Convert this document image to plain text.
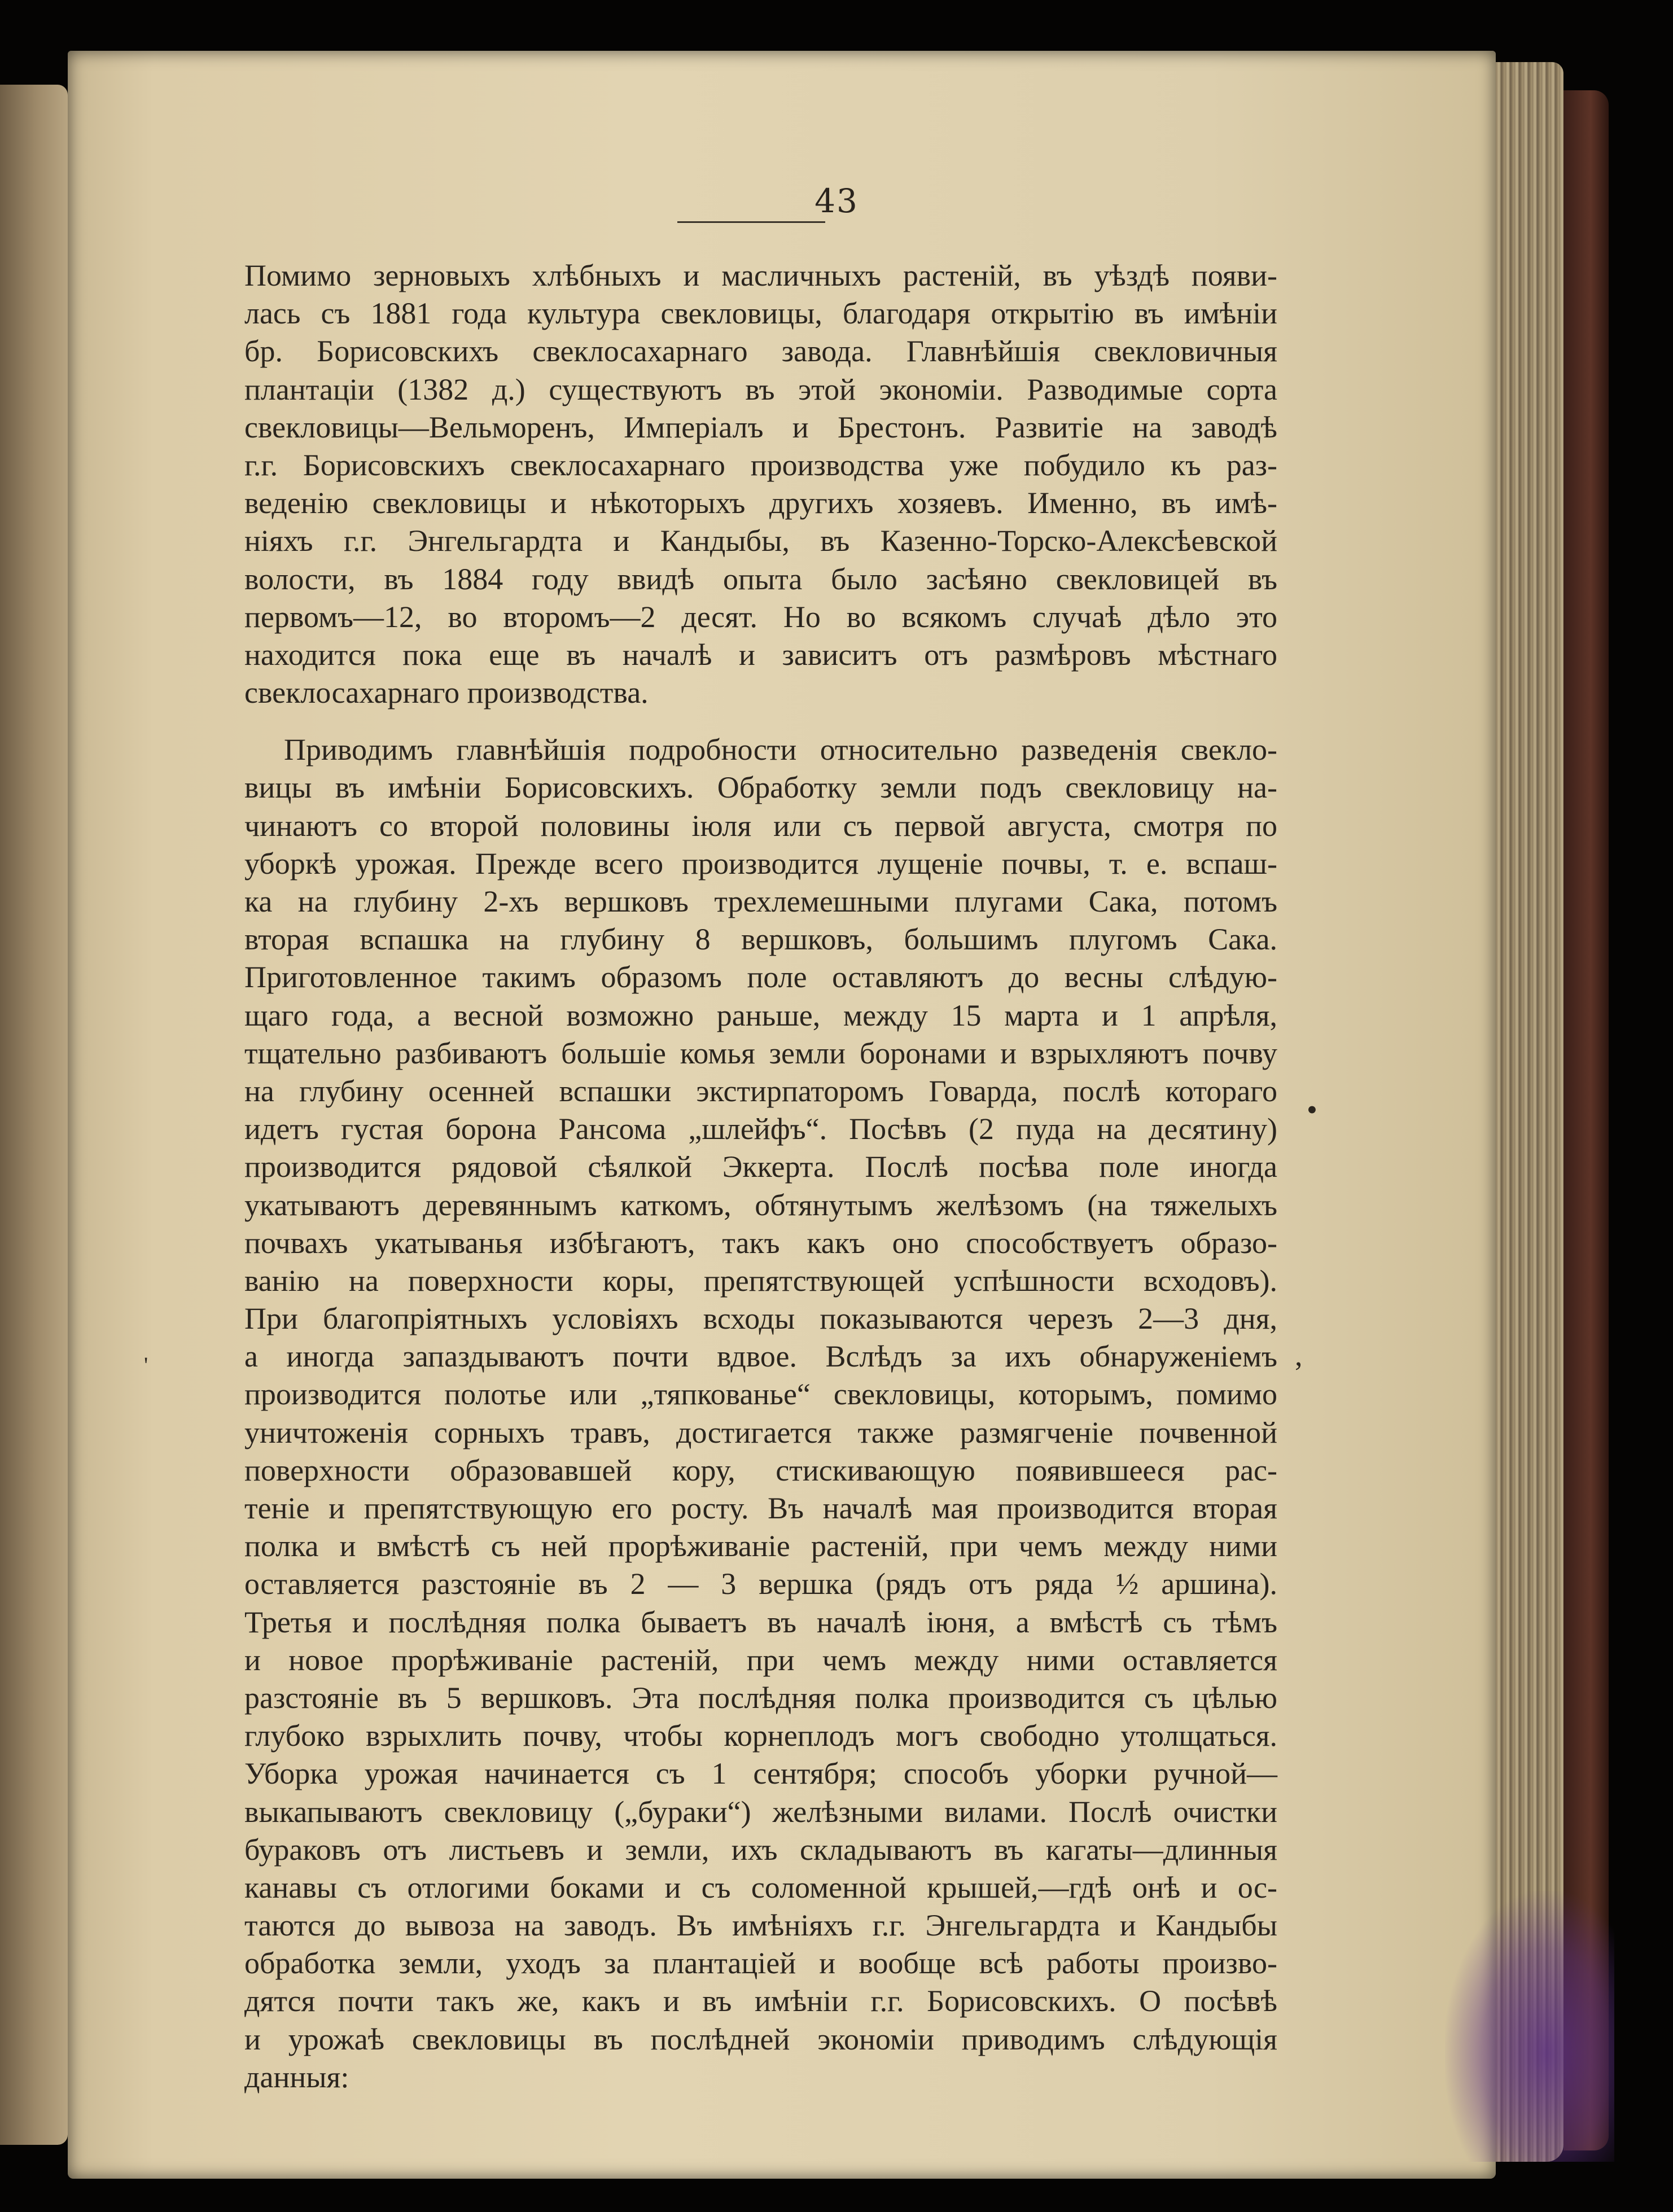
43
•
,
'
Помимо зерновыхъ хлѣбныхъ и масличныхъ растеній, въ уѣздѣ появи-
лась съ 1881 года культура свекловицы, благодаря открытію въ имѣніи
бр. Борисовскихъ свеклосахарнаго завода. Главнѣйшія свекловичныя
плантаціи (1382 д.) существуютъ въ этой экономіи. Разводимые сорта
свекловицы—Вельморенъ, Имперіалъ и Брестонъ. Развитіе на заводѣ
г.г. Борисовскихъ свеклосахарнаго производства уже побудило къ раз-
веденію свекловицы и нѣкоторыхъ другихъ хозяевъ. Именно, въ имѣ-
ніяхъ г.г. Энгельгардта и Кандыбы, въ Казенно-Торско-Алексѣевской
волости, въ 1884 году ввидѣ опыта было засѣяно свекловицей въ
первомъ—12, во второмъ—2 десят. Но во всякомъ случаѣ дѣло это
находится пока еще въ началѣ и зависитъ отъ размѣровъ мѣстнаго
свеклосахарнаго производства.
Приводимъ главнѣйшія подробности относительно разведенія свекло-
вицы въ имѣніи Борисовскихъ. Обработку земли подъ свекловицу на-
чинаютъ со второй половины іюля или съ первой августа, смотря по
уборкѣ урожая. Прежде всего производится лущеніе почвы, т. е. вспаш-
ка на глубину 2-хъ вершковъ трехлемешными плугами Сака, потомъ
вторая вспашка на глубину 8 вершковъ, большимъ плугомъ Сака.
Приготовленное такимъ образомъ поле оставляютъ до весны слѣдую-
щаго года, а весной возможно раньше, между 15 марта и 1 апрѣля,
тщательно разбиваютъ большіе комья земли боронами и взрыхляютъ почву
на глубину осенней вспашки экстирпаторомъ Говарда, послѣ котораго
идетъ густая борона Рансома „шлейфъ“. Посѣвъ (2 пуда на десятину)
производится рядовой сѣялкой Эккерта. Послѣ посѣва поле иногда
укатываютъ деревяннымъ каткомъ, обтянутымъ желѣзомъ (на тяжелыхъ
почвахъ укатыванья избѣгаютъ, такъ какъ оно способствуетъ образо-
ванію на поверхности коры, препятствующей успѣшности всходовъ).
При благопріятныхъ условіяхъ всходы показываются черезъ 2—3 дня,
а иногда запаздываютъ почти вдвое. Вслѣдъ за ихъ обнаруженіемъ
производится полотье или „тяпкованье“ свекловицы, которымъ, помимо
уничтоженія сорныхъ травъ, достигается также размягченіе почвенной
поверхности образовавшей кору, стискивающую появившееся рас-
теніе и препятствующую его росту. Въ началѣ мая производится вторая
полка и вмѣстѣ съ ней прорѣживаніе растеній, при чемъ между ними
оставляется разстояніе въ 2 — 3 вершка (рядъ отъ ряда ½ аршина).
Третья и послѣдняя полка бываетъ въ началѣ іюня, а вмѣстѣ съ тѣмъ
и новое прорѣживаніе растеній, при чемъ между ними оставляется
разстояніе въ 5 вершковъ. Эта послѣдняя полка производится съ цѣлью
глубоко взрыхлить почву, чтобы корнеплодъ могъ свободно утолщаться.
Уборка урожая начинается съ 1 сентября; способъ уборки ручной—
выкапываютъ свекловицу („бураки“) желѣзными вилами. Послѣ очистки
бураковъ отъ листьевъ и земли, ихъ складываютъ въ кагаты—длинныя
канавы съ отлогими боками и съ соломенной крышей,—гдѣ онѣ и ос-
таются до вывоза на заводъ. Въ имѣніяхъ г.г. Энгельгардта и Кандыбы
обработка земли, уходъ за плантаціей и вообще всѣ работы произво-
дятся почти такъ же, какъ и въ имѣніи г.г. Борисовскихъ. О посѣвѣ
и урожаѣ свекловицы въ послѣдней экономіи приводимъ слѣдующія
данныя:
